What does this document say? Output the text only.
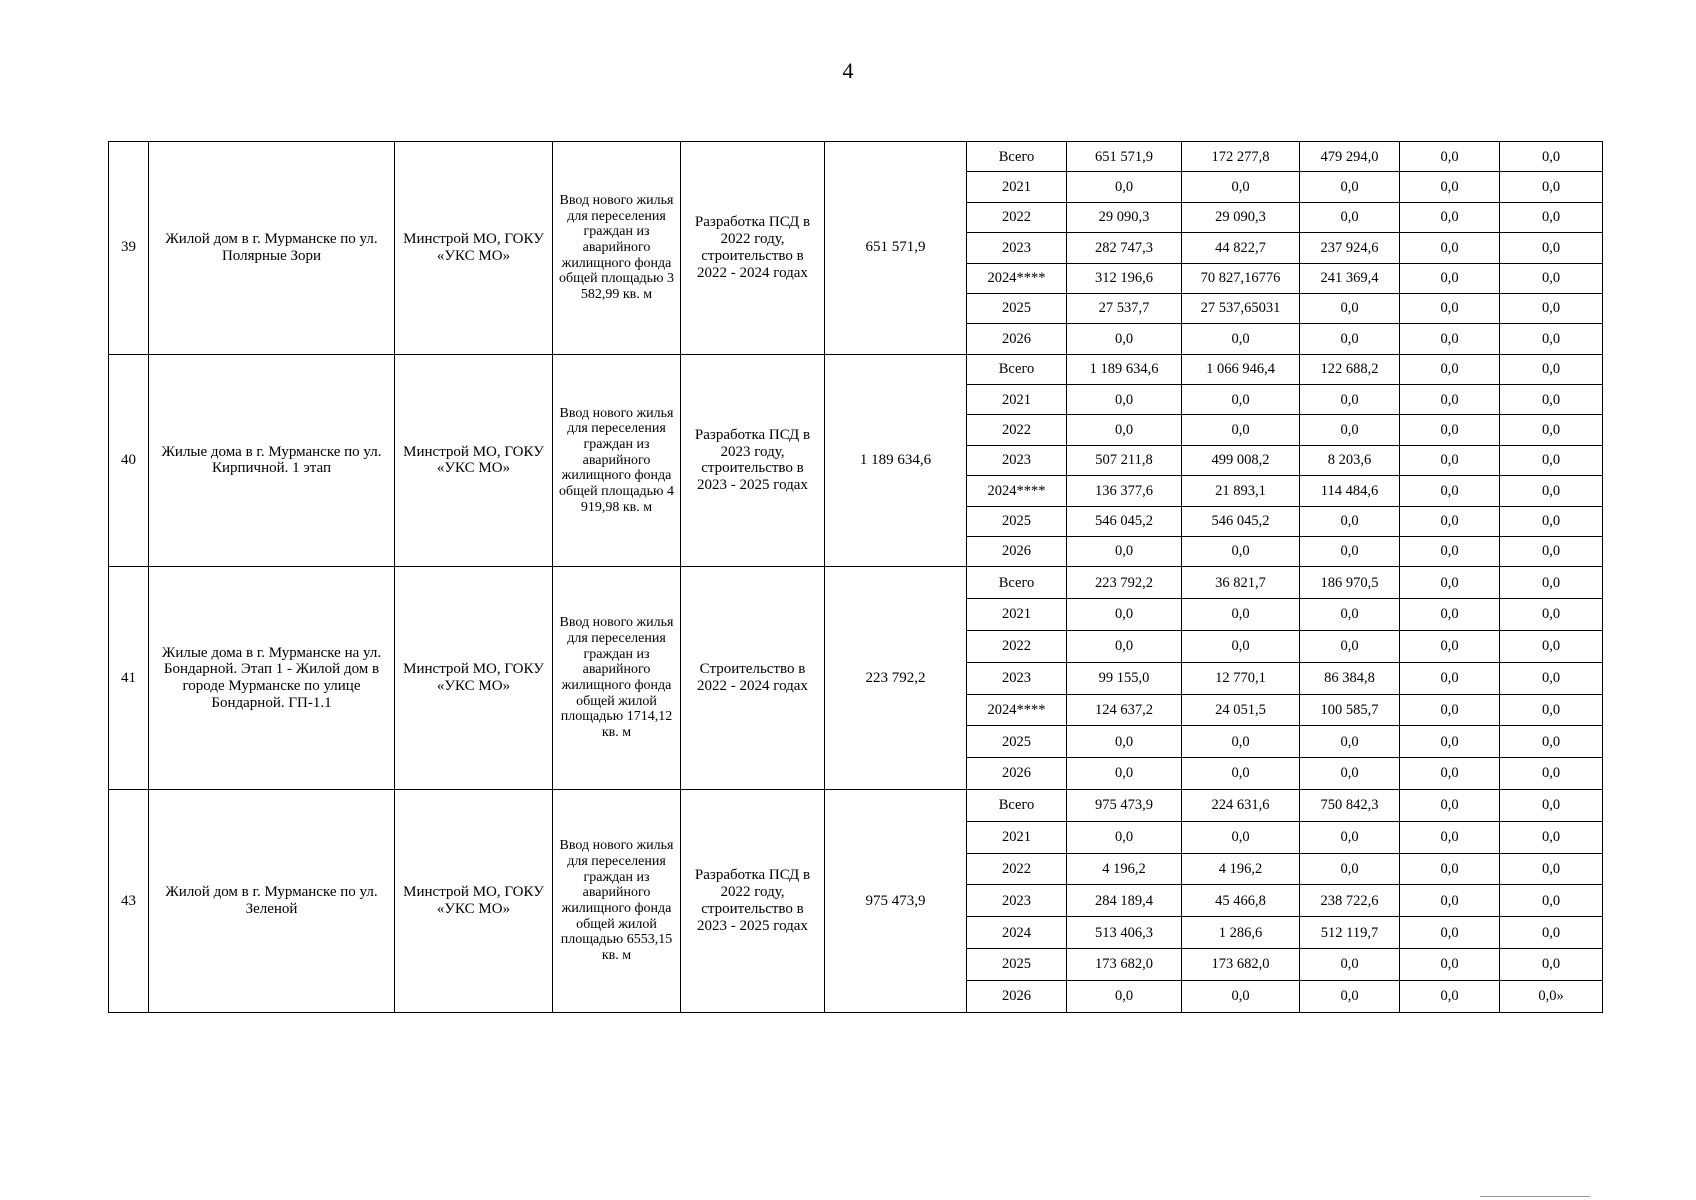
4
39	Жилой дом в г. Мурманске по ул. Полярные Зори	Минстрой МО, ГОКУ «УКС МО»	Ввод нового жилья для переселения граждан из аварийного жилищного фонда общей площадью 3 582,99 кв. м	Разработка ПСД в 2022 году, строительство в 2022 - 2024 годах	651 571,9	Всего	651 571,9	172 277,8	479 294,0	0,0	0,0
						2021	0,0	0,0	0,0	0,0	0,0
						2022	29 090,3	29 090,3	0,0	0,0	0,0
						2023	282 747,3	44 822,7	237 924,6	0,0	0,0
						2024****	312 196,6	70 827,16776	241 369,4	0,0	0,0
						2025	27 537,7	27 537,65031	0,0	0,0	0,0
						2026	0,0	0,0	0,0	0,0	0,0
40	Жилые дома в г. Мурманске по ул. Кирпичной. 1 этап	Минстрой МО, ГОКУ «УКС МО»	Ввод нового жилья для переселения граждан из аварийного жилищного фонда общей площадью 4 919,98 кв. м	Разработка ПСД в 2023 году, строительство в 2023 - 2025 годах	1 189 634,6	Всего	1 189 634,6	1 066 946,4	122 688,2	0,0	0,0
						2021	0,0	0,0	0,0	0,0	0,0
						2022	0,0	0,0	0,0	0,0	0,0
						2023	507 211,8	499 008,2	8 203,6	0,0	0,0
						2024****	136 377,6	21 893,1	114 484,6	0,0	0,0
						2025	546 045,2	546 045,2	0,0	0,0	0,0
						2026	0,0	0,0	0,0	0,0	0,0
41	Жилые дома в г. Мурманске на ул. Бондарной. Этап 1 - Жилой дом в городе Мурманске по улице Бондарной. ГП-1.1	Минстрой МО, ГОКУ «УКС МО»	Ввод нового жилья для переселения граждан из аварийного жилищного фонда общей жилой площадью 1714,12 кв. м	Строительство в 2022 - 2024 годах	223 792,2	Всего	223 792,2	36 821,7	186 970,5	0,0	0,0
						2021	0,0	0,0	0,0	0,0	0,0
						2022	0,0	0,0	0,0	0,0	0,0
						2023	99 155,0	12 770,1	86 384,8	0,0	0,0
						2024****	124 637,2	24 051,5	100 585,7	0,0	0,0
						2025	0,0	0,0	0,0	0,0	0,0
						2026	0,0	0,0	0,0	0,0	0,0
43	Жилой дом в г. Мурманске по ул. Зеленой	Минстрой МО, ГОКУ «УКС МО»	Ввод нового жилья для переселения граждан из аварийного жилищного фонда общей жилой площадью 6553,15 кв. м	Разработка ПСД в 2022 году, строительство в 2023 - 2025 годах	975 473,9	Всего	975 473,9	224 631,6	750 842,3	0,0	0,0
						2021	0,0	0,0	0,0	0,0	0,0
						2022	4 196,2	4 196,2	0,0	0,0	0,0
						2023	284 189,4	45 466,8	238 722,6	0,0	0,0
						2024	513 406,3	1 286,6	512 119,7	0,0	0,0
						2025	173 682,0	173 682,0	0,0	0,0	0,0
						2026	0,0	0,0	0,0	0,0	0,0»
